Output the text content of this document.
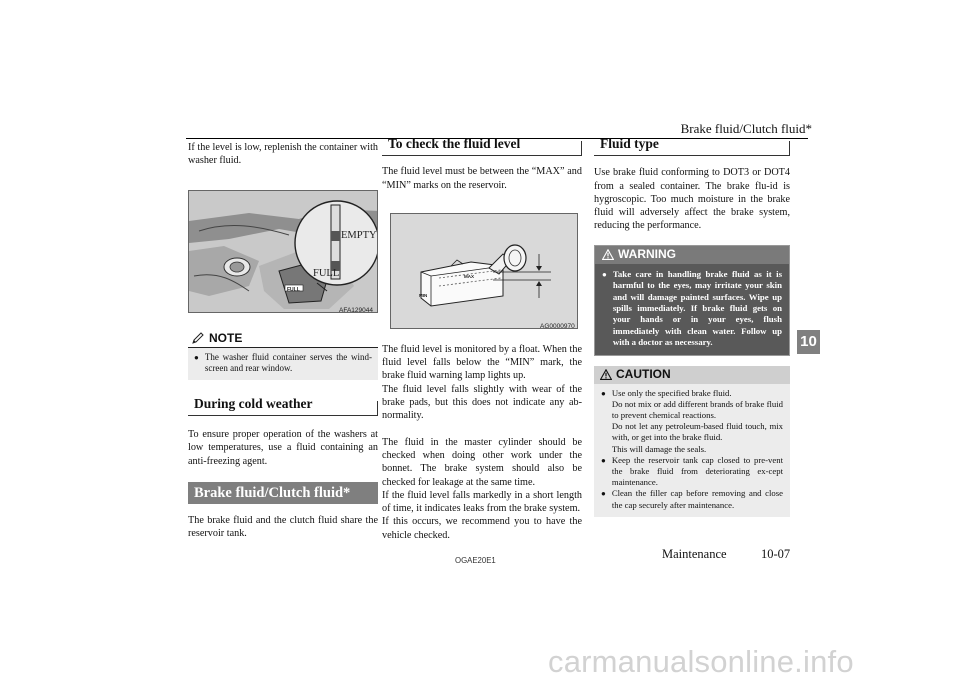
Brake fluid/Clutch fluid*

If the level is low, replenish the container with washer fluid.

EMPTY
FULL
FULL
AFA129044
NOTE
● The washer fluid container serves the wind-screen and rear window.
During cold weather

To ensure proper operation of the washers at low temperatures, use a fluid containing an anti-freezing agent.

Brake fluid/Clutch fluid*

The brake fluid and the clutch fluid share the reservoir tank.

To check the fluid level

The fluid level must be between the “MAX” and “MIN” marks on the reservoir.

MAX
MIN
AG0000970

The fluid level is monitored by a float. When the fluid level falls below the “MIN” mark, the brake fluid warning lamp lights up.

The fluid level falls slightly with wear of the brake pads, but this does not indicate any ab-normality.

The fluid in the master cylinder should be checked when doing other work under the bonnet. The brake system should also be checked for leakage at the same time.

If the fluid level falls markedly in a short length of time, it indicates leaks from the brake system.

If this occurs, we recommend you to have the vehicle checked.

Fluid type

Use brake fluid conforming to DOT3 or DOT4 from a sealed container. The brake flu-id is hygroscopic. Too much moisture in the brake fluid will adversely affect the brake system, reducing the performance.

WARNING
● Take care in handling brake fluid as it is harmful to the eyes, may irritate your skin and will damage painted surfaces. Wipe up spills immediately. If brake fluid gets on your hands or in your eyes, flush immediately with clean water. Follow up with a doctor as necessary.
CAUTION
● Use only the specified brake fluid.
Do not mix or add different brands of brake fluid to prevent chemical reactions.
Do not let any petroleum-based fluid touch, mix with, or get into the brake fluid.
This will damage the seals.
● Keep the reservoir tank cap closed to pre-vent the brake fluid from deteriorating ex-cept maintenance.
● Clean the filler cap before removing and close the cap securely after maintenance.
10
OGAE20E1	Maintenance	10-07
carmanualsonline.info
